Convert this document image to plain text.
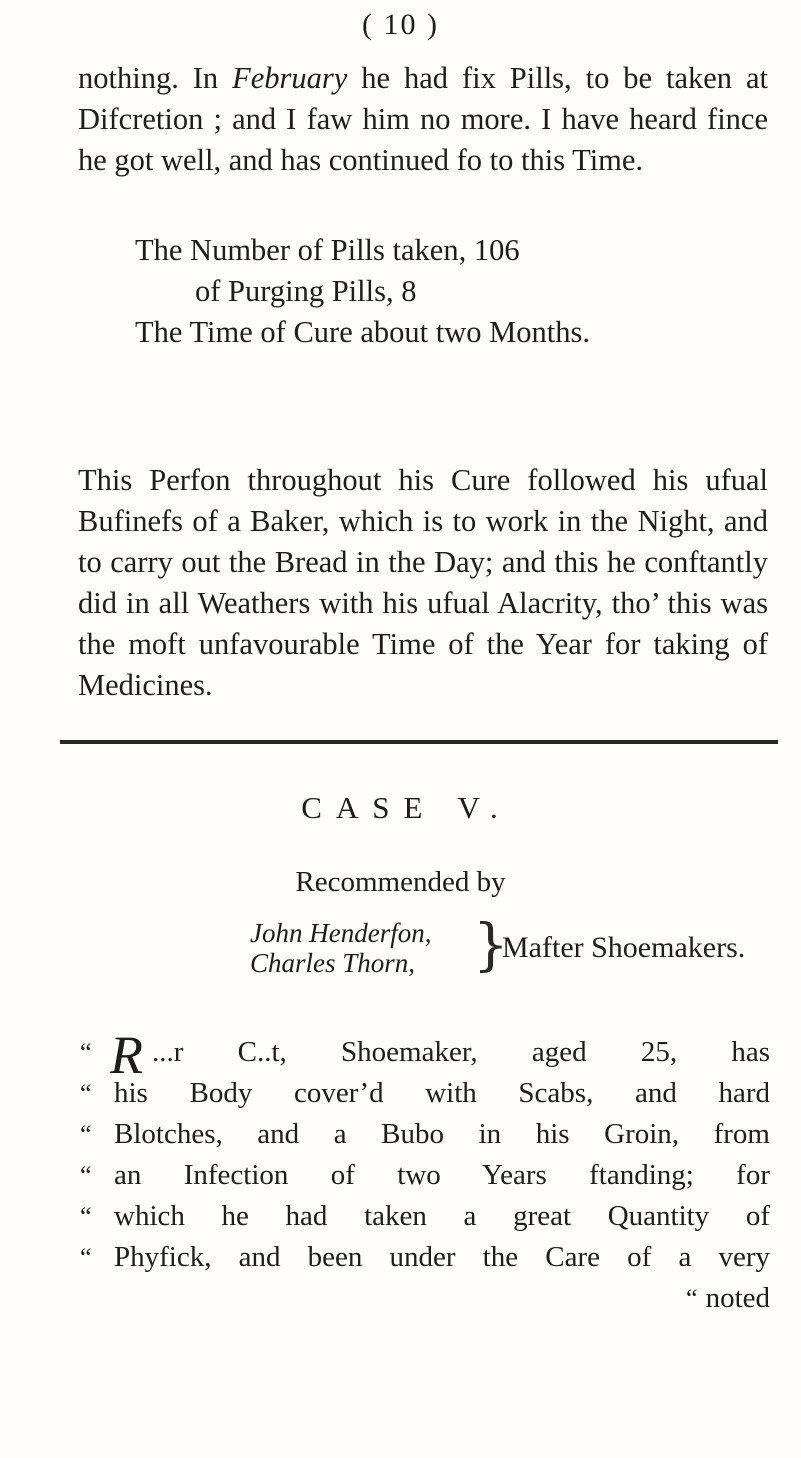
( 10 )

nothing. In February he had fix Pills, to be taken at Difcretion ; and I faw him no more. I have heard fince he got well, and has continued fo to this Time.

The Number of Pills taken, 106
of Purging Pills, 8
The Time of Cure about two Months.

This Perfon throughout his Cure followed his ufual Bufinefs of a Baker, which is to work in the Night, and to carry out the Bread in the Day; and this he conftantly did in all Weathers with his ufual Alacrity, tho’ this was the moft unfavourable Time of the Year for taking of Medicines.

CASE V.
Recommended by
John Henderfon,
Charles Thorn, }
Mafter Shoemakers.
“ R ...r C..t, Shoemaker, aged 25, has
“ his Body cover’d with Scabs, and hard
“ Blotches, and a Bubo in his Groin, from
“ an Infection of two Years ftanding; for
“ which he had taken a great Quantity of
“ Phyfick, and been under the Care of a very
“ noted
